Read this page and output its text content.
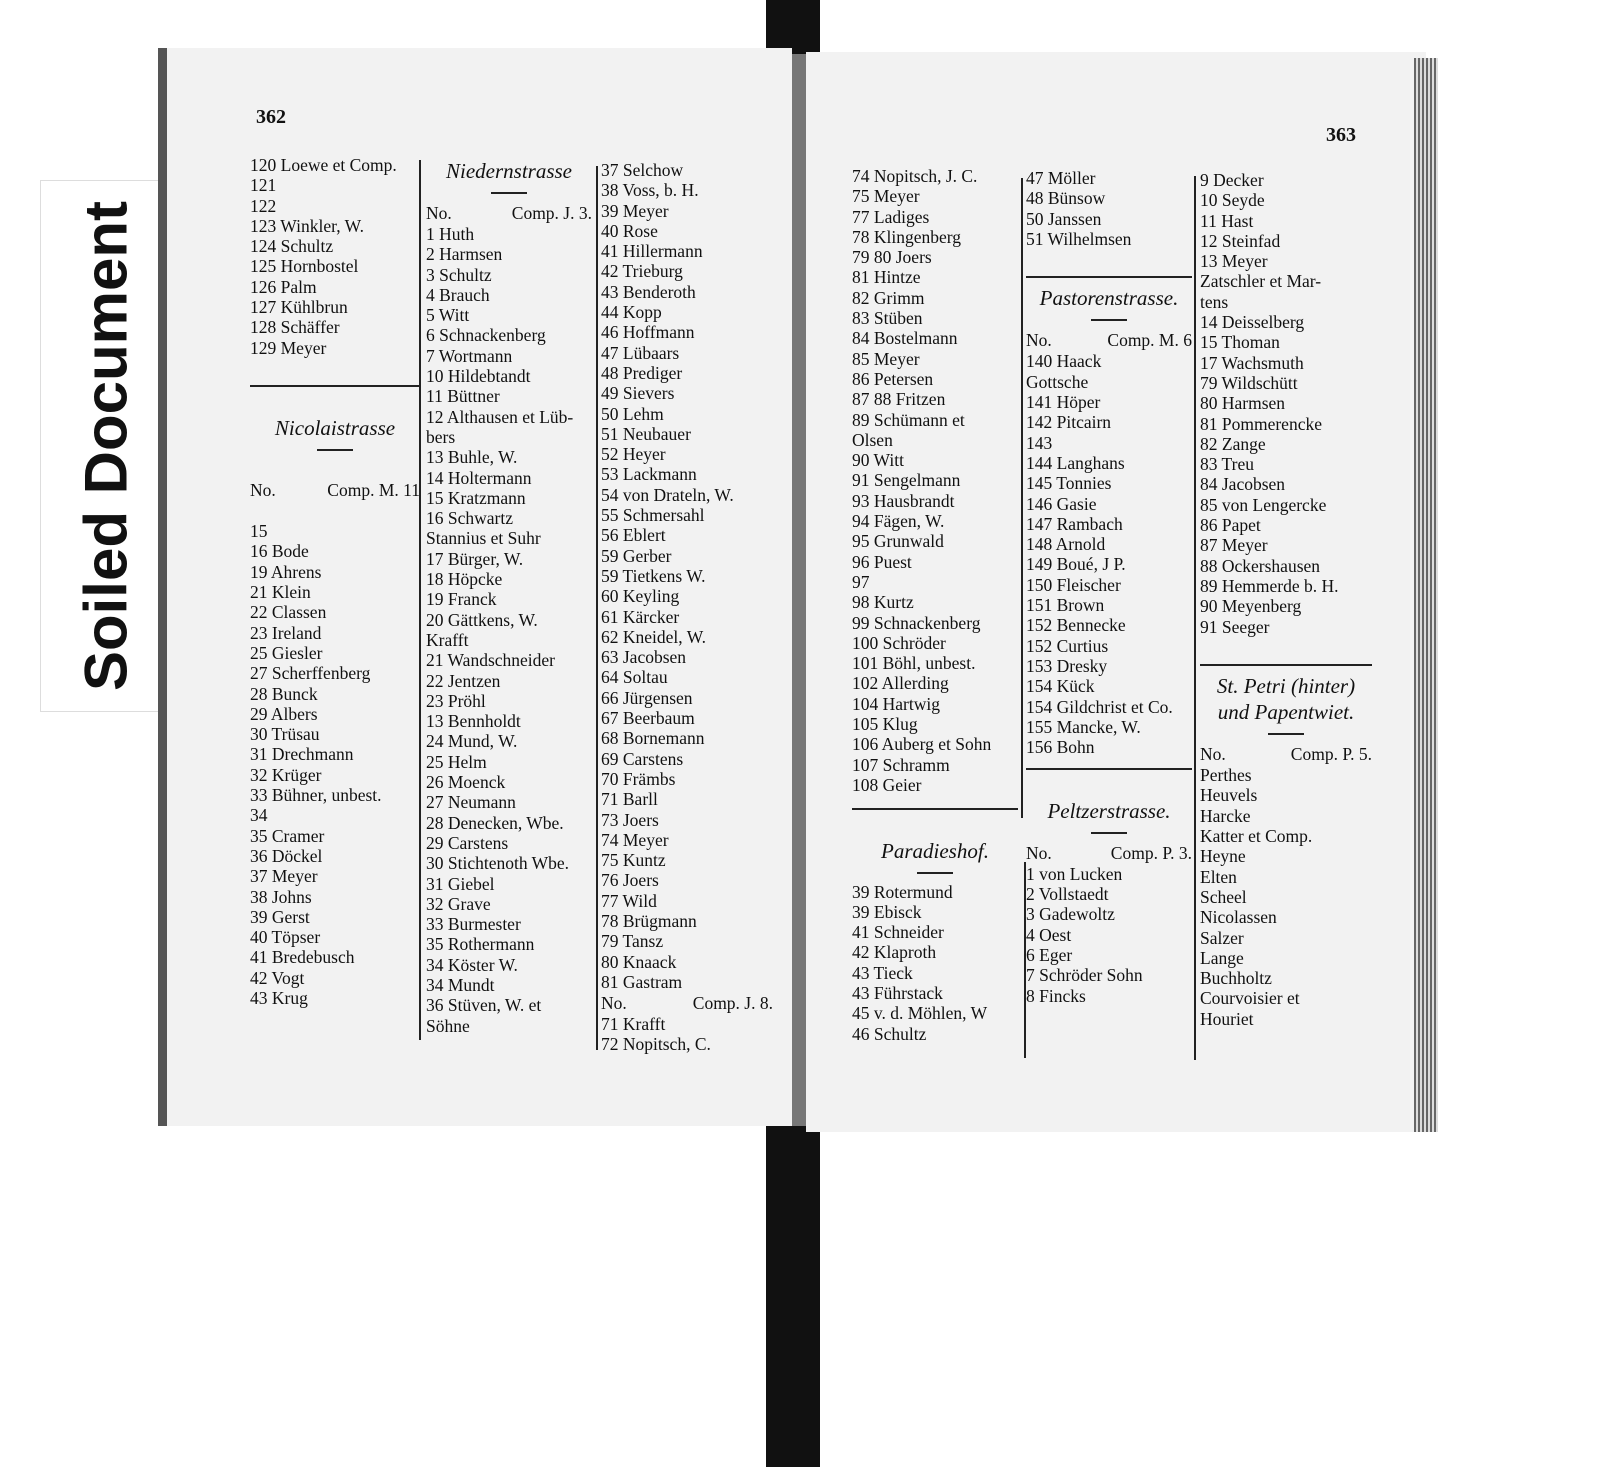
Soiled Document
362
363
120 Loewe et Comp.
121
122
123 Winkler, W.
124 Schultz
125 Hornbostel
126 Palm
127 Kühlbrun
128 Schäffer
129 Meyer
Nicolaistrasse
No.	Comp. M. 11
15
16 Bode
19 Ahrens
21 Klein
22 Classen
23 Ireland
25 Giesler
27 Scherffenberg
28 Bunck
29 Albers
30 Trüsau
31 Drechmann
32 Krüger
33 Bühner, unbest.
34
35 Cramer
36 Döckel
37 Meyer
38 Johns
39 Gerst
40 Töpser
41 Bredebusch
42 Vogt
43 Krug
Niedernstrasse
No.	Comp. J. 3.
1 Huth
2 Harmsen
3 Schultz
4 Brauch
5 Witt
6 Schnackenberg
7 Wortmann
10 Hildebtandt
11 Büttner
12 Althausen et Lüb-
bers
13 Buhle, W.
14 Holtermann
15 Kratzmann
16 Schwartz
Stannius et Suhr
17 Bürger, W.
18 Höpcke
19 Franck
20 Gättkens, W.
Krafft
21 Wandschneider
22 Jentzen
23 Pröhl
13 Bennholdt
24 Mund, W.
25 Helm
26 Moenck
27 Neumann
28 Denecken, Wbe.
29 Carstens
30 Stichtenoth Wbe.
31 Giebel
32 Grave
33 Burmester
35 Rothermann
34 Köster W.
34 Mundt
36 Stüven, W. et
Söhne
37 Selchow
38 Voss, b. H.
39 Meyer
40 Rose
41 Hillermann
42 Trieburg
43 Benderoth
44 Kopp
46 Hoffmann
47 Lübaars
48 Prediger
49 Sievers
50 Lehm
51 Neubauer
52 Heyer
53 Lackmann
54 von Drateln, W.
55 Schmersahl
56 Eblert
59 Gerber
59 Tietkens W.
60 Keyling
61 Kärcker
62 Kneidel, W.
63 Jacobsen
64 Soltau
66 Jürgensen
67 Beerbaum
68 Bornemann
69 Carstens
70 Främbs
71 Barll
73 Joers
74 Meyer
75 Kuntz
76 Joers
77 Wild
78 Brügmann
79 Tansz
80 Knaack
81 Gastram
No.	Comp. J. 8.
71 Krafft
72 Nopitsch, C.
74 Nopitsch, J. C.
75 Meyer
77 Ladiges
78 Klingenberg
79 80 Joers
81 Hintze
82 Grimm
83 Stüben
84 Bostelmann
85 Meyer
86 Petersen
87 88 Fritzen
89 Schümann et
Olsen
90 Witt
91 Sengelmann
93 Hausbrandt
94 Fägen, W.
95 Grunwald
96 Puest
97
98 Kurtz
99 Schnackenberg
100 Schröder
101 Böhl, unbest.
102 Allerding
104 Hartwig
105 Klug
106 Auberg et Sohn
107 Schramm
108 Geier
Paradieshof.
39 Rotermund
39 Ebisck
41 Schneider
42 Klaproth
43 Tieck
43 Führstack
45 v. d. Möhlen, W
46 Schultz
47 Möller
48 Bünsow
50 Janssen
51 Wilhelmsen
Pastorenstrasse.
No.	Comp. M. 6
140 Haack
Gottsche
141 Höper
142 Pitcairn
143
144 Langhans
145 Tonnies
146 Gasie
147 Rambach
148 Arnold
149 Boué, J P.
150 Fleischer
151 Brown
152 Bennecke
152 Curtius
153 Dresky
154 Kück
154 Gildchrist et Co.
155 Mancke, W.
156 Bohn
Peltzerstrasse.
No.	Comp. P. 3.
1 von Lucken
2 Vollstaedt
3 Gadewoltz
4 Oest
6 Eger
7 Schröder Sohn
8 Fincks
9 Decker
10 Seyde
11 Hast
12 Steinfad
13 Meyer
Zatschler et Mar-
tens
14 Deisselberg
15 Thoman
17 Wachsmuth
79 Wildschütt
80 Harmsen
81 Pommerencke
82 Zange
83 Treu
84 Jacobsen
85 von Lengercke
86 Papet
87 Meyer
88 Ockershausen
89 Hemmerde b. H.
90 Meyenberg
91 Seeger
St. Petri (hinter)
und Papentwiet.
No.	Comp. P. 5.
Perthes
Heuvels
Harcke
Katter et Comp.
Heyne
Elten
Scheel
Nicolassen
Salzer
Lange
Buchholtz
Courvoisier et
Houriet
